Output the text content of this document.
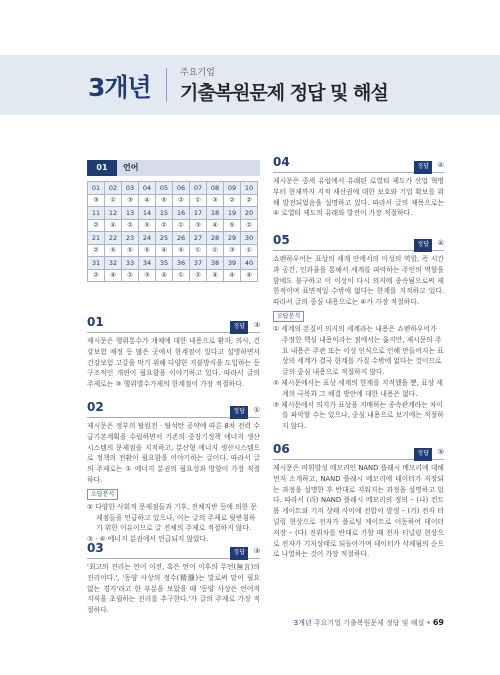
3개년	주요기업
기출복원문제 정답 및 해설
01	언어
01	02	03	04	05	06	07	08	09	10
③	①	③	④	⑤	②	①	③	②	②
11	12	13	14	15	16	17	18	19	20
②	④	②	⑤	②	①	③	④	⑤	②
21	22	23	24	25	26	27	28	29	30
②	⑤	⑤	⑤	④	⑤	①	①	③	①
31	32	33	34	35	36	37	38	39	40
②	④	②	③	④	①	②	④	④	④
01	정답	③
제시문은 행위통수가 개체에 대한 내용으로 환자, 의사, 건강보험 재정 등 많은 곳에서 한계점이 있다고 설명하면서 건강보험 고갈을 막기 위해 다양한 지불방식을 도입하는 등 구조적인 개편이 필요함을 이야기하고 있다. 따라서 글의 주제로는 ③ 행위별수가제의 한계점이 가장 적절하다.
02	정답	①
제시문은 정부의 탈원전 · 탈석탄 공약에 따른 8차 전력 수급기본계획을 수립하면서 기존의 중장기정책 에너지 생산 시스템의 문제점을 지적하고, 분산형 에너지 생산시스템으로 정책의 전환이 필요함을 이야기하는 글이다. 따라서 글의 주제로는 ① 에너지 분권의 필요성과 방향이 가장 적절하다.
오답분석
② 다양한 사회적 문제점들과 기후, 전체지반 등에 의한 문제점들을 언급하고 있으나, 이는 글의 주제로 뒷받침하기 위한 이유이므로 글 전체의 주제로 적절하지 않다.
③ · ④ 에너지 분권에서 언급되지 않았다.
03	정답	③
'최고의 진리는 언어 이전, 혹은 언어 이후의 무언(無言)의 진리이다.', '동양 사상의 정수(精髓)는 말로써 맡이 필요 없는 경지'라고 한 부분을 보았을 때 '동양 사상은 언어적 지식을 초월하는 진리를 추구한다.'가 글의 주제로 가장 적절하다.
04	정답	④
제시문은 중세 유럽에서 유래된 로열티 제도가 산업 혁명부터 현재까지 지적 재산권에 대한 보호와 기업 확보를 위해 발전되었음을 설명하고 있다. 따라서 글의 제목으로는 ④ 로열티 제도의 유래와 발전이 가장 적절하다.
05	정답	④
쇼펜하우어는 표상의 세계 안에서의 이성의 역할, 즉 시간과 공간, 인과율을 통해서 세계를 파악하는 주인의 역할을 함에도 불구하고 이 이성이 다시 의지에 종속됨으로써 제한적이며 표면적일 수밖에 없다는 한계를 지적하고 있다. 따라서 글의 중심 내용으로는 ④가 가장 적절하다.
오답분석
① 세계의 본질이 의지의 세계라는 내용은 쇼펜하우어가 주장한 핵심 내용이라는 점에서는 옳지만, 제시문의 주요 내용은 주관 또는 이성 인식으로 인해 만들어지는 표상의 세계가 결국 한계를 가질 수밖에 없다는 것이므로 글의 중심 내용으로 적절하지 않다.
② 제시문에서는 표상 세계의 한계를 지적했을 뿐, 표상 세계의 극복과 그 해결 방안에 대한 내용은 없다.
③ 제시문에서 의지가 표상을 지배하는 종속관계라는 차이를 파악할 수는 있으나, 중심 내용으로 보기에는 적절하지 않다.
06	정답	⑤
제시문은 비휘발성 메모리인 NAND 플래시 메모리에 대해 먼저 소개하고, NAND 플래시 메모리에 데이터가 저장되는 과정을 설명한 후 반대로 지워지는 과정을 설명하고 있다. 따라서 (라) NAND 플래시 메모리의 정의 – (나) 컨트롤 게이트와 기저 상태 사이에 전압이 발생 – (가) 전자 터널링 현상으로 전자가 플로팅 게이트로 이동하여 데이터 저장 – (다) 전위차를 반대로 가할 때 전자 터널링 현상으로 전자가 기저상태로 되돌아가며 데이터가 삭제됨의 순으로 나열하는 것이 가장 적절하다.
3개년 주요기업 기출복원문제 정답 및 해설 • 69
